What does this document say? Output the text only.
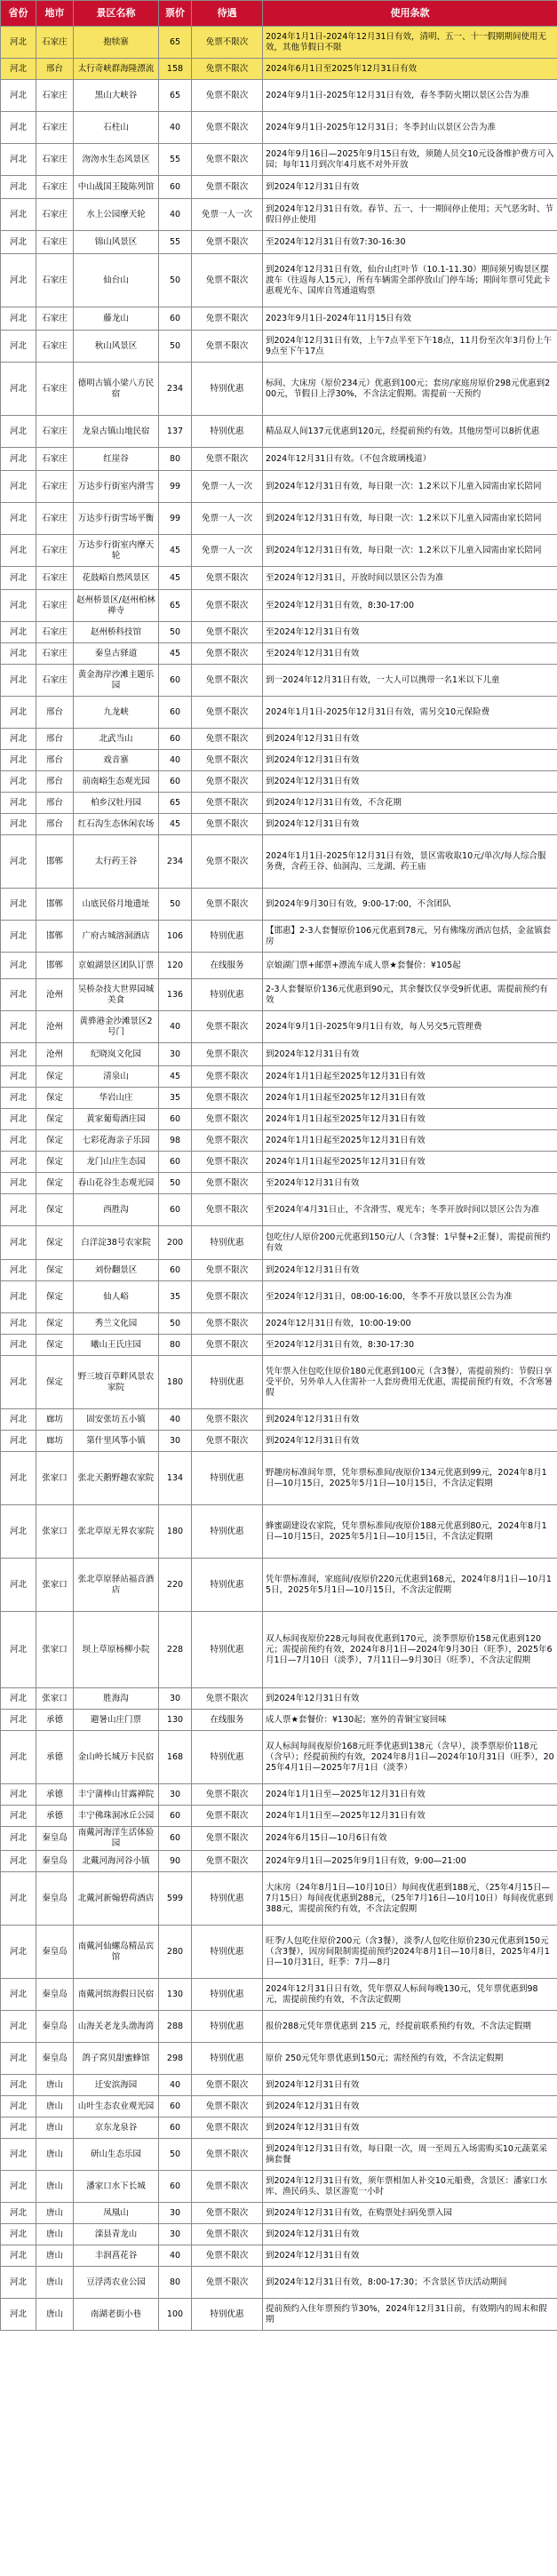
省份	地市	景区名称	票价	待遇	使用条款
河北	石家庄	抱犊寨	65	免票不限次	2024年1月1日-2024年12月31日有效，清明、五一、十一假期期间使用无效，其他节假日不限
河北	邢台	太行奇峡群海隆漂流	158	免票不限次	2024年6月1日至2025年12月31日有效
河北	石家庄	黑山大峡谷	65	免票不限次	2024年9月1日-2025年12月31日有效，春冬季防火期以景区公告为准
河北	石家庄	石柱山	40	免票不限次	2024年9月1日-2025年12月31日；冬季封山以景区公告为准
河北	石家庄	沕沕水生态风景区	55	免票不限次	2024年9月16日—2025年9月15日有效，须随人员交10元设备维护费方可入园；每年11月到次年4月底不对外开放
河北	石家庄	中山战国王陵陈列馆	60	免票不限次	到2024年12月31日有效
河北	石家庄	水上公园摩天轮	40	免票一人一次	到2024年12月31日有效。春节、五一、十一期间停止使用；天气恶劣时、节假日停止使用
河北	石家庄	锦山风景区	55	免票不限次	至2024年12月31日有效7:30-16:30
河北	石家庄	仙台山	50	免票不限次	到2024年12月31日有效，仙台山红叶节（10.1-11.30）期间须另购景区摆渡车（往返每人15元），所有车辆需全部停放山门停车场；期间年票可凭此卡惠观光车、国库自驾通道购票
河北	石家庄	藤龙山	60	免票不限次	2023年9月1日-2024年11月15日有效
河北	石家庄	秋山风景区	50	免票不限次	到2024年12月31日有效，上午7点半至下午18点，11月份至次年3月份上午9点至下午17点
河北	石家庄	德明古镇小梁八方民宿	234	特别优惠	标间、大床房（原价234元）优惠到100元；套房/家庭房原价298元优惠到200元，节假日上浮30%，不含法定假期。需提前一天预约
河北	石家庄	龙泉古镇山地民宿	137	特别优惠	精品双人间137元优惠到120元，经提前预约有效。其他房型可以8折优惠
河北	石家庄	红崖谷	80	免票不限次	2024年12月31日有效。（不包含玻璃栈道）
河北	石家庄	万达步行街室内滑雪	99	免票一人一次	到2024年12月31日有效，每日限一次：1.2米以下儿童入园需由家长陪同
河北	石家庄	万达步行街雪场平衡	99	免票一人一次	到2024年12月31日有效，每日限一次：1.2米以下儿童入园需由家长陪同
河北	石家庄	万达步行街室内摩天轮	45	免票一人一次	到2024年12月31日有效，每日限一次：1.2米以下儿童入园需由家长陪同
河北	石家庄	花鼓峪自然风景区	45	免票不限次	至2024年12月31日，开放时间以景区公告为准
河北	石家庄	赵州桥景区/赵州柏林禅寺	65	免票不限次	至2024年12月31日有效，8:30-17:00
河北	石家庄	赵州桥科技馆	50	免票不限次	至2024年12月31日有效
河北	石家庄	秦皇古驿道	45	免票不限次	至2024年12月31日有效
河北	石家庄	黄金海岸沙滩主题乐园	60	免票不限次	到一2024年12月31日有效，一大人可以携带一名1米以下儿童
河北	邢台	九龙峡	60	免票不限次	2024年1月1日-2025年12月31日有效，需另交10元保险费
河北	邢台	北武当山	60	免票不限次	到2024年12月31日有效
河北	邢台	戏音寨	40	免票不限次	到2024年12月31日有效
河北	邢台	前南峪生态观光园	60	免票不限次	到2024年12月31日有效
河北	邢台	柏乡汉牡丹园	65	免票不限次	到2024年12月31日有效，不含花期
河北	邢台	红石沟生态休闲农场	45	免票不限次	到2024年12月31日有效
河北	邯郸	太行药王谷	234	免票不限次	2024年1月1日-2025年12月31日有效，景区需收取10元/单次/每人综合服务费，含药王谷、仙洞沟、三龙湖、药王庙
河北	邯郸	山底民俗月地遗址	50	免票不限次	到2024年9月30日有效，9:00-17:00，不含团队
河北	邯郸	广府古城溶洞酒店	106	特别优惠	【邯惠】2-3人套餐原价106元优惠到78元，另有佛缘房酒店包括，金盆镇套房
河北	邯郸	京娘湖景区团队订票	120	在线服务	京娘湖门票+邮票+漂流车成人票★套餐价：¥105起
河北	沧州	吴桥杂技大世界园城美食	136	特别优惠	2-3人套餐原价136元优惠到90元，其余餐饮仅享受9折优惠，需提前预约有效
河北	沧州	黄骅港金沙滩景区2号门	40	免票不限次	2024年9月1日-2025年9月1日有效，每人另交5元管理费
河北	沧州	纪晓岚文化园	30	免票不限次	到2024年12月31日有效
河北	保定	清泉山	45	免票不限次	2024年1月1日起至2025年12月31日有效
河北	保定	华岩山庄	35	免票不限次	2024年1月1日起至2025年12月31日有效
河北	保定	黄家葡萄酒庄园	60	免票不限次	2024年1月1日起至2025年12月31日有效
河北	保定	七彩花海亲子乐园	98	免票不限次	2024年1月1日起至2025年12月31日有效
河北	保定	龙门山庄生态园	60	免票不限次	2024年1月1日起至2025年12月31日有效
河北	保定	春山花谷生态观光园	50	免票不限次	至2024年12月31日有效
河北	保定	西胜沟	60	免票不限次	至2024年4月31日止，不含滑雪、观光车；冬季开放时间以景区公告为准
河北	保定	白洋淀38号农家院	200	特别优惠	包吃住/人原价200元优惠到150元/人（含3餐：1早餐+2正餐），需提前预约有效
河北	保定	刘份翻景区	60	免票不限次	到2024年12月31日有效
河北	保定	仙人峪	35	免票不限次	至2024年12月31日，08:00-16:00，冬季不开放以景区公告为准
河北	保定	秀兰文化园	50	免票不限次	2024年12月31日有效，10:00-19:00
河北	保定	曦山王氏庄园	80	免票不限次	至2024年12月31日有效，8:30-17:30
河北	保定	野三坡百草畔风景农家院	180	特别优惠	凭年票入住包吃住原价180元优惠到100元（含3餐），需提前预约：节假日享受平价，另外单人入住需补一人套房费用无优惠，需提前预约有效，不含寒暑假
河北	廊坊	固安张坊五小镇	40	免票不限次	到2024年12月31日有效
河北	廊坊	第什里风筝小镇	30	免票不限次	到2024年12月31日有效
河北	张家口	张北天鹅野趣农家院	134	特别优惠	野趣房标准间年票，凭年票标准间/夜原价134元优惠到99元，2024年8月1日—10月15日，2025年5月1日—10月15日，不含法定假期
河北	张家口	张北草原无界农家院	180	特别优惠	蜂蜜副建设农家院，凭年票标准间/夜原价188元优惠到80元，2024年8月1日—10月15日，2025年5月1日—10月15日，不含法定假期
河北	张家口	张北草原驿站福音酒店	220	特别优惠	凭年票标准间，家庭间/夜原价220元优惠到168元，2024年8月1日—10月15日，2025年5月1日—10月15日，不含法定假期
河北	张家口	坝上草原杨柳小院	228	特别优惠	双人标间夜原价228元每间夜优惠到170元，淡季票原价158元优惠到120元；需提前预约有效，2024年8月1日—2024年9月30日（旺季），2025年6月1日—7月10日（淡季），7月11日—9月30日（旺季），不含法定假期
河北	张家口	胜海沟	30	免票不限次	到2024年12月31日有效
河北	承德	避暑山庄门票	130	在线服务	成人票★套餐价：¥130起；塞外的青铜宝宴回味
河北	承德	金山岭长城万卡民宿	168	特别优惠	双人标间每间夜原价168元旺季优惠到138元（含早），淡季票原价118元（含早）；经提前预约有效，2024年8月1日—2024年10月31日（旺季），2025年4月1日—2025年7月1日（淡季）
河北	承德	丰宁蒲棒山甘露禅院	30	免票不限次	2024年1月1日至—2025年12月31日有效
河北	承德	丰宁佛珠洞冰丘公园	60	免票不限次	2024年1月1日至—2025年12月31日有效
河北	秦皇岛	南戴河海洋生活体验园	60	免票不限次	2024年6月15日—10月6日有效
河北	秦皇岛	北戴河海河谷小镇	90	免票不限次	2024年9月1日—2025年9月1日有效，9:00—21:00
河北	秦皇岛	北戴河新翰碧荷酒店	599	特别优惠	大床房（24年8月1日—10月10日）每间夜优惠到188元，（25年4月15日—7月15日）每间夜优惠到288元，（25年7月16日—10月10日）每间夜优惠到388元，需提前预约有效，不含法定假期
河北	秦皇岛	南戴河仙螺岛精品宾馆	280	特别优惠	旺季/人包吃住原价200元（含3餐），淡季/人包吃住原价230元优惠到150元（含3餐），因房间限制需提前预约2024年8月1日—10月8日，2025年4月1日—10月31日，旺季：7月—8月
河北	秦皇岛	南戴河缤海假日民宿	130	特别优惠	2024年12月31日日有效，凭年票双人标间每晚130元，凭年票优惠到98元，需提前预约有效，不含法定假期
河北	秦皇岛	山海关老龙头渤海湾	288	特别优惠	报价288元凭年票优惠到 215 元，经提前联系预约有效，不含法定假期
河北	秦皇岛	鸽子窝贝甜蜜蜂馆	298	特别优惠	原价 250元凭年票优惠到150元；需经预约有效，不含法定假期
河北	唐山	迁安滨海园	40	免票不限次	到2024年12月31日有效
河北	唐山	山叶生态农业观光园	60	免票不限次	到2024年12月31日有效
河北	唐山	京东龙泉谷	60	免票不限次	到2024年12月31日有效
河北	唐山	研山生态乐园	50	免票不限次	到2024年12月31日有效，每日限一次，周一至周五入场需购买10元蔬菜采摘套餐
河北	唐山	潘家口水下长城	60	免票不限次	到2024年12月31日有效，须年票相加人补交10元船费，含景区：潘家口水库、渔民码头、景区游览一小时
河北	唐山	凤凰山	30	免票不限次	到2024年12月31日有效，在购票处扫码免票入园
河北	唐山	滦县青龙山	30	免票不限次	到2024年12月31日有效
河北	唐山	丰润菖花谷	40	免票不限次	到2024年12月31日有效
河北	唐山	豆浮湾农业公园	80	免票不限次	到2024年12月31日有效，8:00-17:30；不含景区节庆活动期间
河北	唐山	南湖老街小巷	100	特别优惠	提前预约入住年票预约节30%，2024年12月31日前，有效期内的周末和假期
